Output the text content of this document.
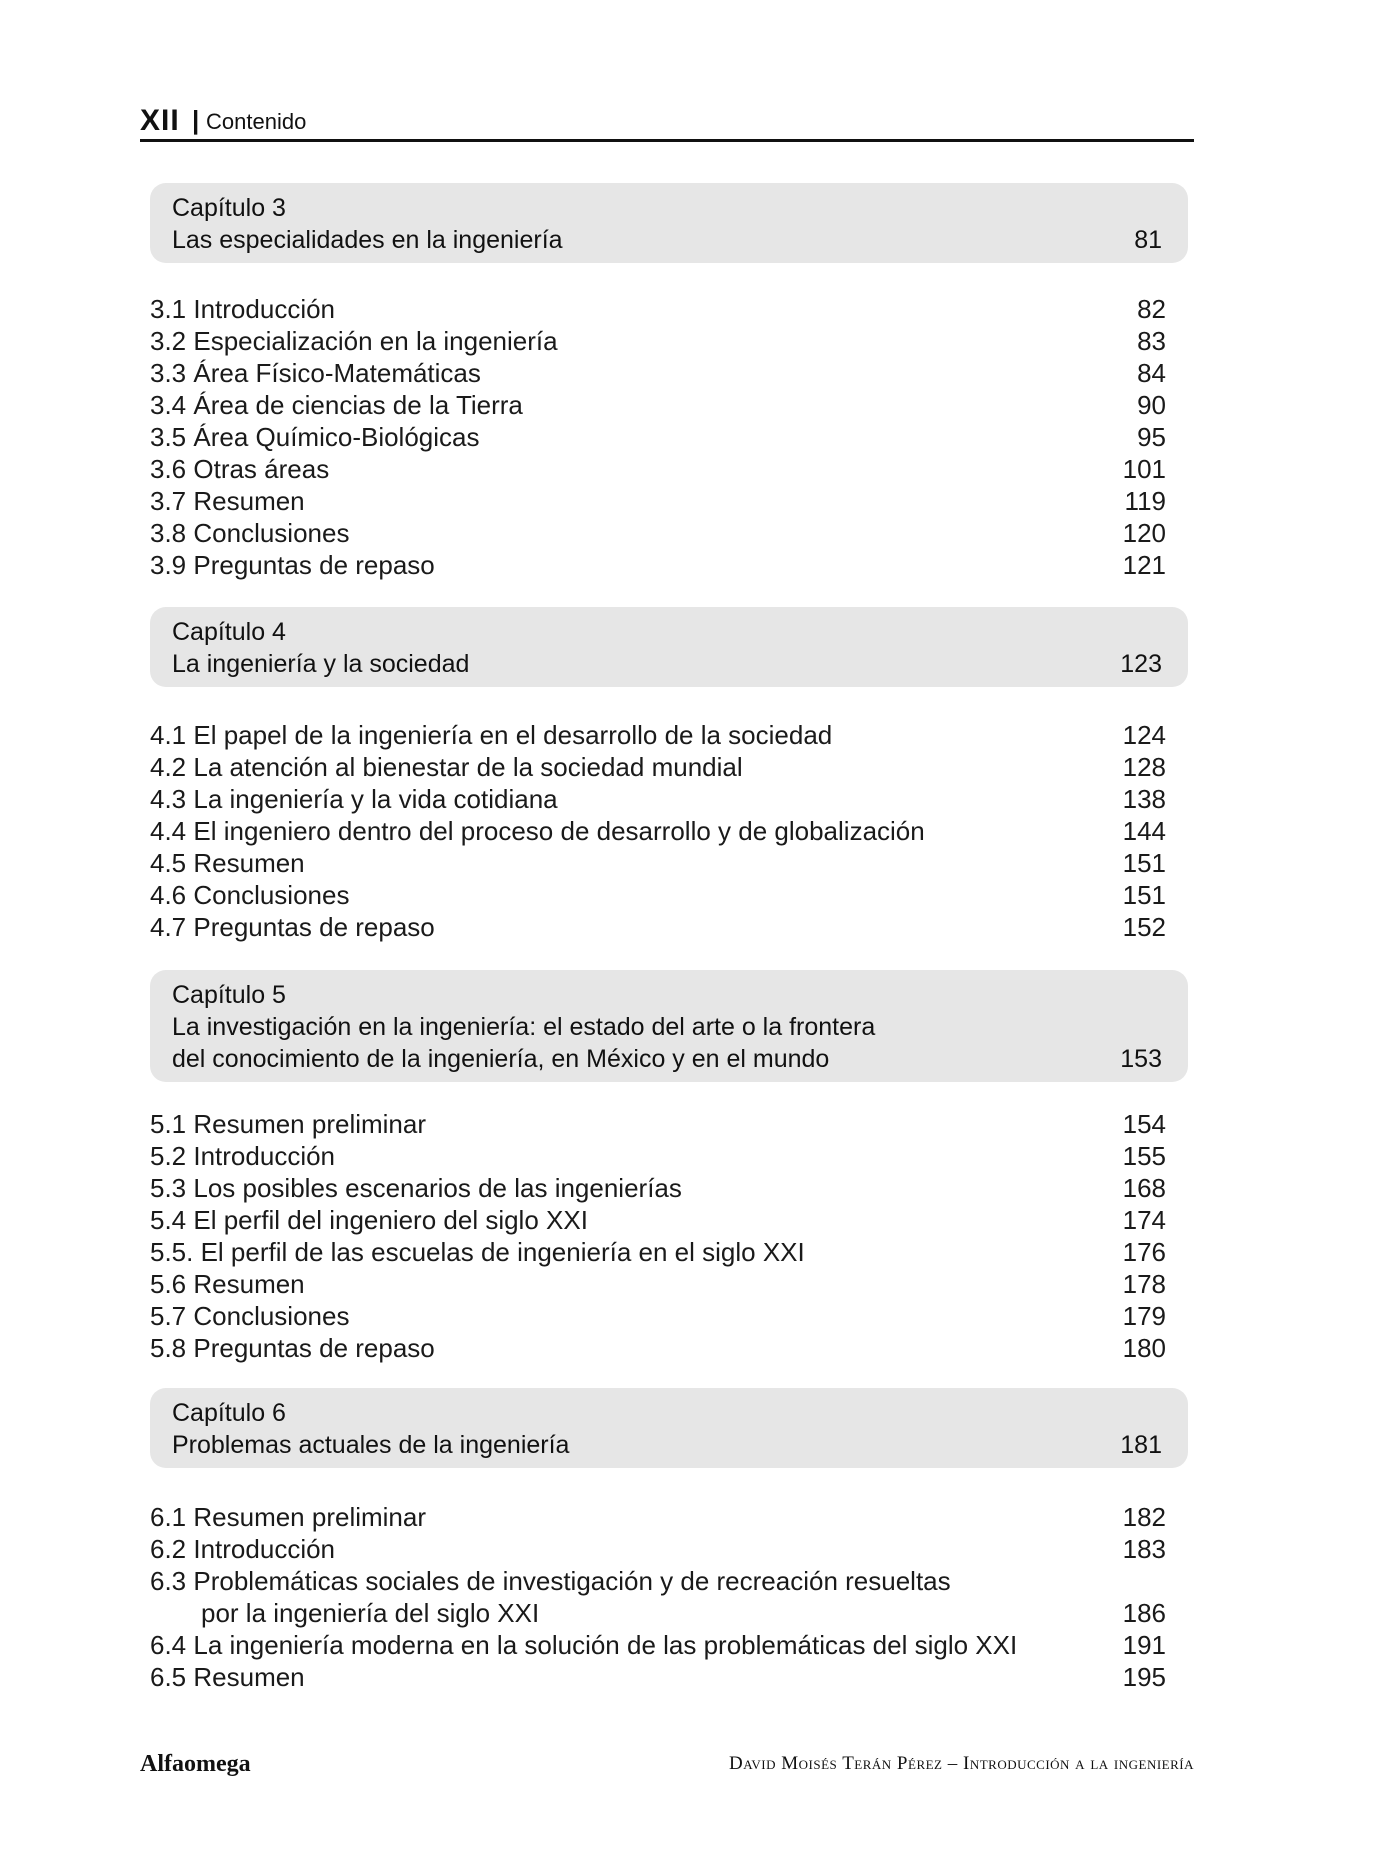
XII | Contenido
Capítulo 3
Las especialidades en la ingeniería	81
3.1 Introducción	82
3.2 Especialización en la ingeniería	83
3.3 Área Físico-Matemáticas	84
3.4 Área de ciencias de la Tierra	90
3.5 Área Químico-Biológicas	95
3.6 Otras áreas	101
3.7 Resumen	119
3.8 Conclusiones	120
3.9 Preguntas de repaso	121
Capítulo 4
La ingeniería y la sociedad	123
4.1 El papel de la ingeniería en el desarrollo de la sociedad	124
4.2 La atención al bienestar de la sociedad mundial	128
4.3 La ingeniería y la vida cotidiana	138
4.4 El ingeniero dentro del proceso de desarrollo y de globalización	144
4.5 Resumen	151
4.6 Conclusiones	151
4.7 Preguntas de repaso	152
Capítulo 5
La investigación en la ingeniería: el estado del arte o la frontera
del conocimiento de la ingeniería, en México y en el mundo	153
5.1 Resumen preliminar	154
5.2 Introducción	155
5.3 Los posibles escenarios de las ingenierías	168
5.4 El perfil del ingeniero del siglo XXI	174
5.5. El perfil de las escuelas de ingeniería en el siglo XXI	176
5.6 Resumen	178
5.7 Conclusiones	179
5.8 Preguntas de repaso	180
Capítulo 6
Problemas actuales de la ingeniería	181
6.1 Resumen preliminar	182
6.2 Introducción	183
6.3 Problemáticas sociales de investigación y de recreación resueltas
por la ingeniería del siglo XXI	186
6.4 La ingeniería moderna en la solución de las problemáticas del siglo XXI	191
6.5 Resumen	195
Alfaomega	David Moisés Terán Pérez – Introducción a la ingeniería
